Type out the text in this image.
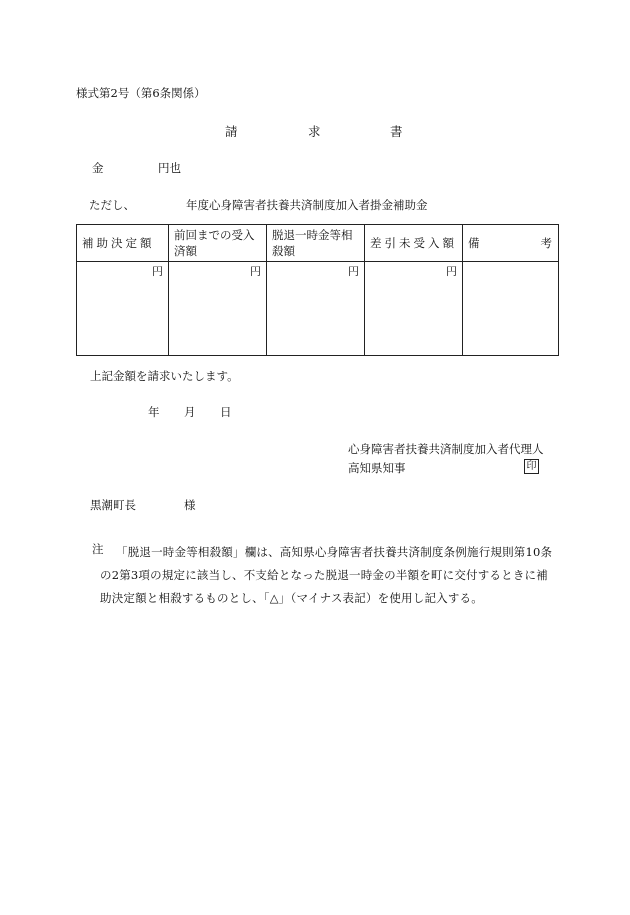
様式第2号（第6条関係）
請	求	書
金	円也
ただし、	年度心身障害者扶養共済制度加入者掛金補助金
補助決定額	前回までの受入済額	脱退一時金等相殺額	差引未受入額	備 考

円	円	円	円	
上記金額を請求いたします。
年 月 日
心身障害者扶養共済制度加入者代理人
高知県知事	印
黒潮町長	様
注	「脱退一時金等相殺額」欄は、高知県心身障害者扶養共済制度条例施行規則第10条の2第3項の規定に該当し、不支給となった脱退一時金の半額を町に交付するときに補助決定額と相殺するものとし、「△」（マイナス表記）を使用し記入する。
